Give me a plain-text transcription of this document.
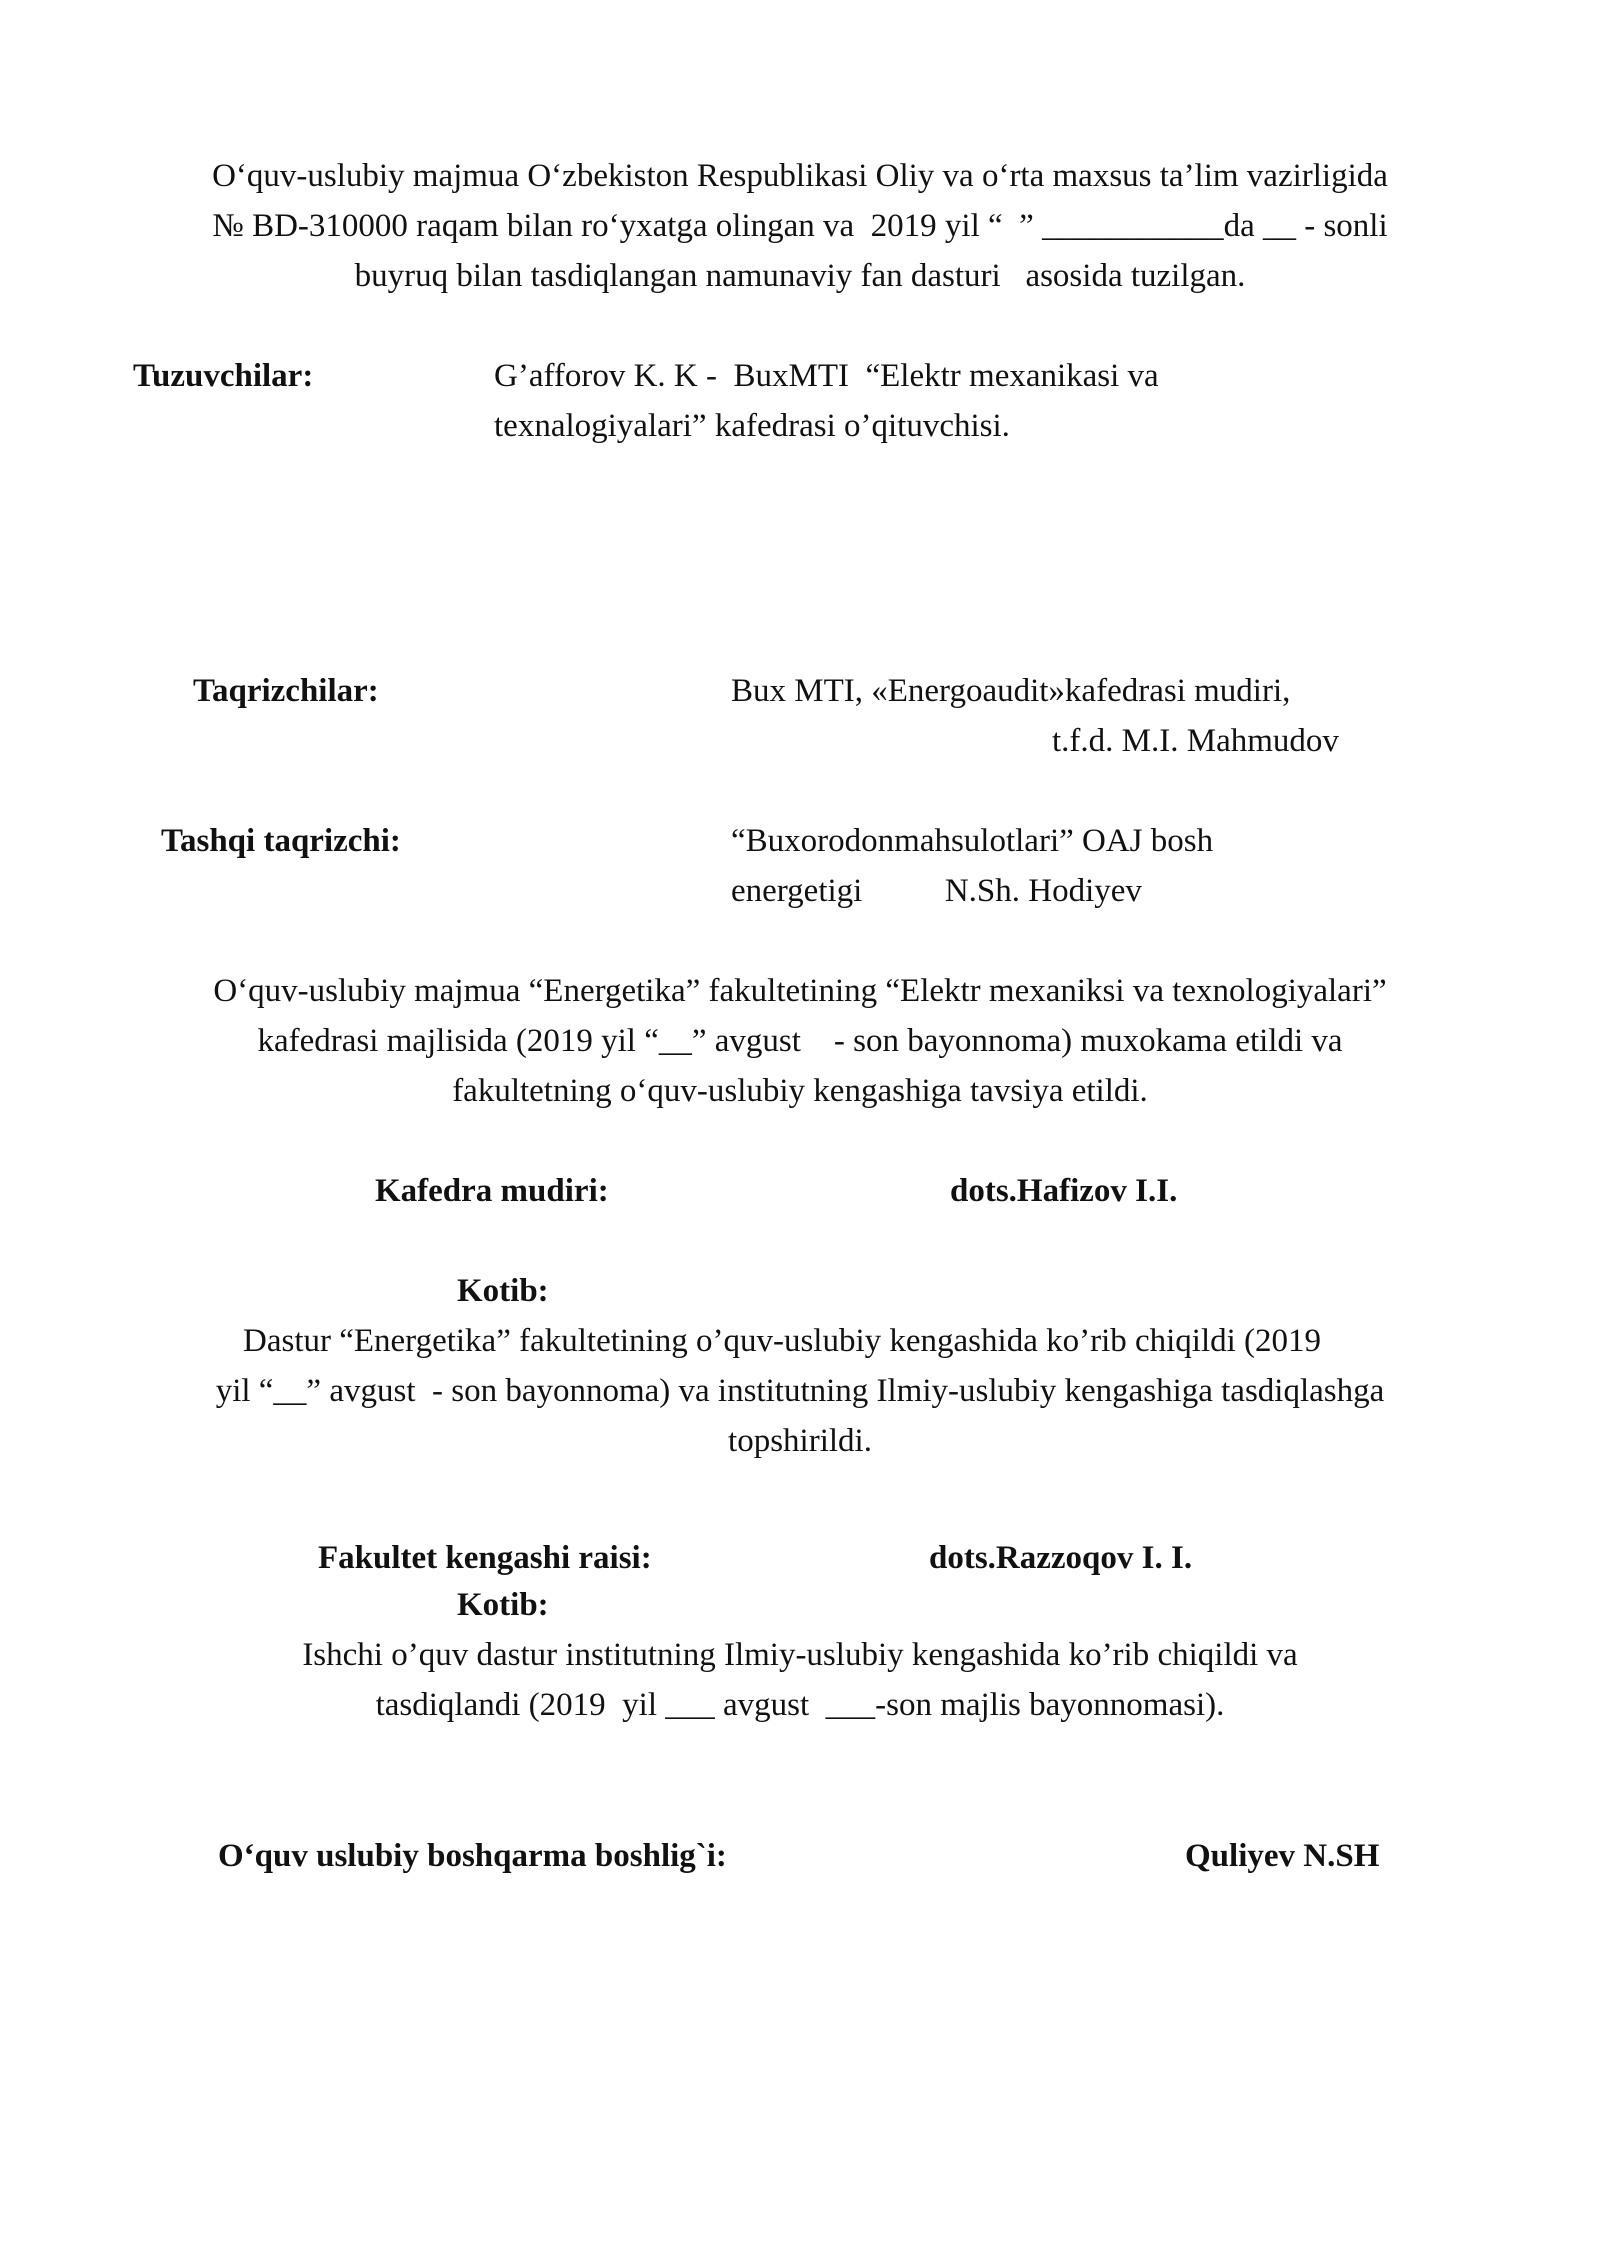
O‘quv-uslubiy majmua O‘zbekiston Respublikasi Oliy va o‘rta maxsus ta’lim vazirligida
№ BD-310000 raqam bilan ro‘yxatga olingan va  2019 yil “  ” ___________da __ - sonli
buyruq bilan tasdiqlangan namunaviy fan dasturi   asosida tuzilgan.
Tuzuvchilar:	G’afforov K. K -  BuxMTI  “Elektr mexanikasi va
texnalogiyalari” kafedrasi o’qituvchisi.
Taqrizchilar:	Bux MTI, «Energoaudit»kafedrasi mudiri,
t.f.d. M.I. Mahmudov
Tashqi taqrizchi:	“Buxorodonmahsulotlari” OAJ bosh
energetigi          N.Sh. Hodiyev
O‘quv-uslubiy majmua “Energetika” fakultetining “Elektr mexaniksi va texnologiyalari”
kafedrasi majlisida (2019 yil “__” avgust    - son bayonnoma) muxokama etildi va
fakultetning o‘quv-uslubiy kengashiga tavsiya etildi.
Kafedra mudiri:	dots.Hafizov I.I.
Kotib:
Dastur “Energetika” fakultetining o’quv-uslubiy kengashida ko’rib chiqildi (2019
yil “__” avgust  - son bayonnoma) va institutning Ilmiy-uslubiy kengashiga tasdiqlashga
topshirildi.
Fakultet kengashi raisi:	dots.Razzoqov I. I.
Kotib:
Ishchi o’quv dastur institutning Ilmiy-uslubiy kengashida ko’rib chiqildi va
tasdiqlandi (2019  yil ___ avgust  ___-son majlis bayonnomasi).
O‘quv uslubiy boshqarma boshlig`i:	Quliyev N.SH
